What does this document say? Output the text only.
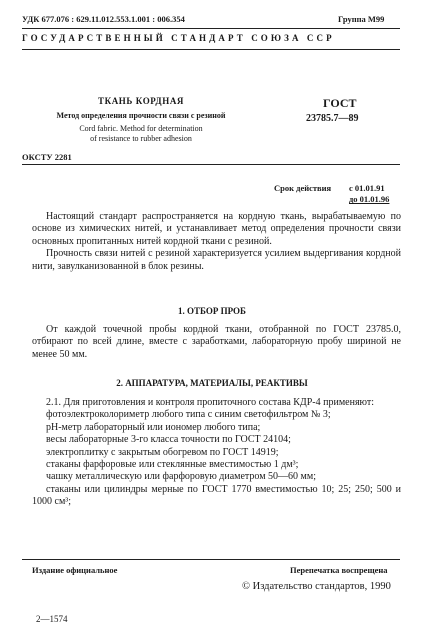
УДК 677.076 : 629.11.012.553.1.001 : 006.354	Группа М99
ГОСУДАРСТВЕННЫЙ СТАНДАРТ СОЮЗА ССР
ТКАНЬ КОРДНАЯ
Метод определения прочности связи с резиной
Cord fabric. Method for determination
of resistance to rubber adhesion
ГОСТ
23785.7—89
ОКСТУ 2281
Срок действия с 01.01.91
до 01.01.96
Настоящий стандарт распространяется на кордную ткань, вырабатываемую по основе из химических нитей, и устанавливает метод определения прочности связи основных пропитанных нитей кордной ткани с резиной.
Прочность связи нитей с резиной характеризуется усилием выдергивания кордной нити, завулканизованной в блок резины.
1. ОТБОР ПРОБ
От каждой точечной пробы кордной ткани, отобранной по ГОСТ 23785.0, отбирают по всей длине, вместе с заработками, лабораторную пробу шириной не менее 50 мм.
2. АППАРАТУРА, МАТЕРИАЛЫ, РЕАКТИВЫ
2.1. Для приготовления и контроля пропиточного состава КДР-4 применяют:
фотоэлектроколориметр любого типа с синим светофильтром № 3;
pH-метр лабораторный или иономер любого типа;
весы лабораторные 3-го класса точности по ГОСТ 24104;
электроплитку с закрытым обогревом по ГОСТ 14919;
стаканы фарфоровые или стеклянные вместимостью 1 дм³;
чашку металлическую или фарфоровую диаметром 50—60 мм;
стаканы или цилиндры мерные по ГОСТ 1770 вместимостью 10; 25; 250; 500 и 1000 см³;
Издание официальное	Перепечатка воспрещена
© Издательство стандартов, 1990
2—1574
